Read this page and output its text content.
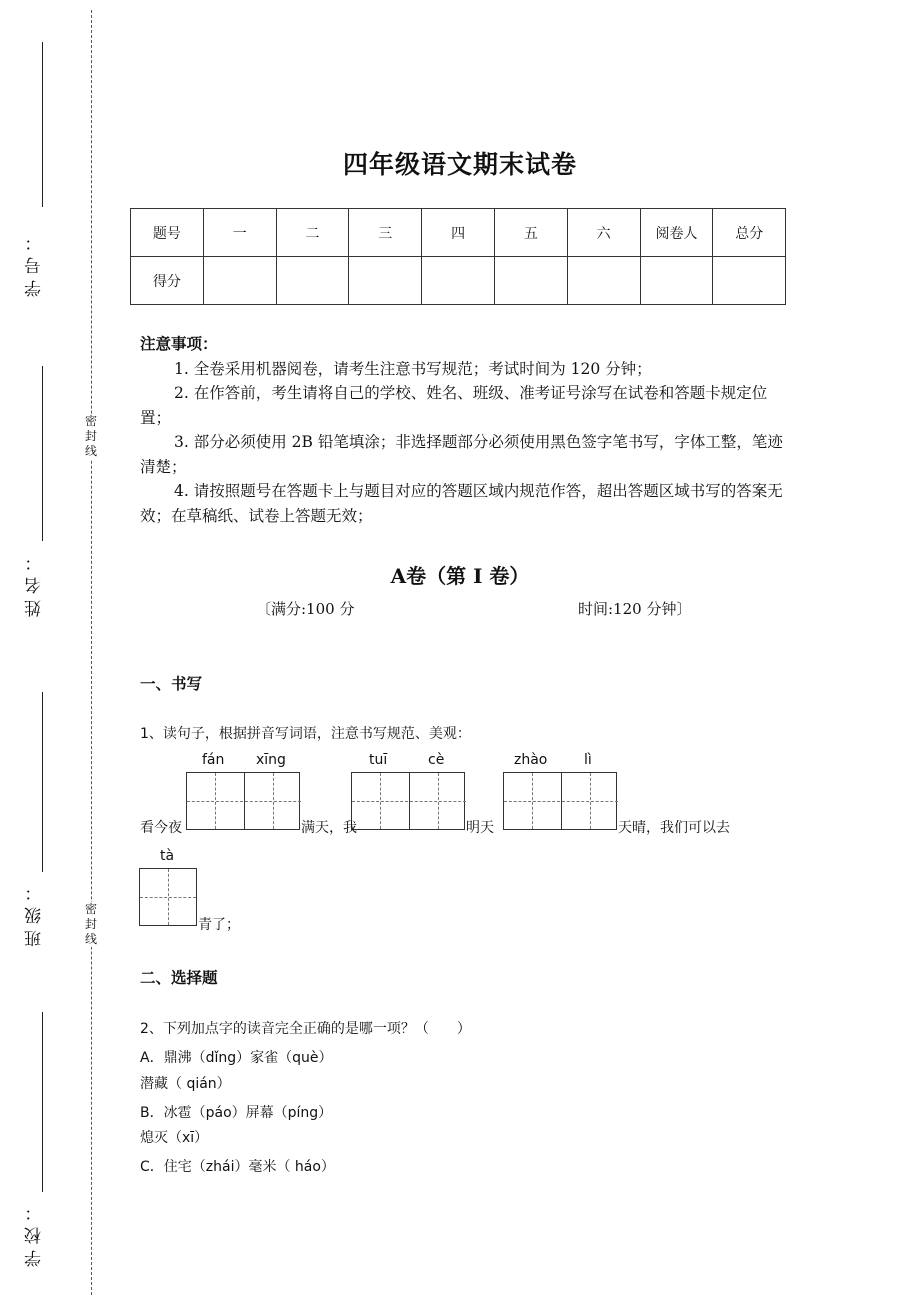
学号：
姓名：
班级：
学校：
密封线
密封线
四年级语文期末试卷
题号	一	二	三	四	五	六	阅卷人	总分
得分								
注意事项：

1. 全卷采用机器阅卷，请考生注意书写规范；考试时间为 120 分钟；

2. 在作答前，考生请将自己的学校、姓名、班级、准考证号涂写在试卷和答题卡规定位置；

3. 部分必须使用 2B 铅笔填涂；非选择题部分必须使用黑色签字笔书写，字体工整，笔迹清楚；

4. 请按照题号在答题卡上与题目对应的答题区域内规范作答，超出答题区域书写的答案无效；在草稿纸、试卷上答题无效；

A卷（第 I 卷）
〔满分:100 分	时间:120 分钟〕
一、书写
1、读句子，根据拼音写词语，注意书写规范、美观：
fán xīng	tuī	cè	zhào	lì
看今夜	满天，我	明天	天晴，我们可以去
tà
青了；
二、选择题
2、下列加点字的读音完全正确的是哪一项？（　　）
A．鼎沸（dǐng）家雀（què）
潜藏（ qián）
B．冰雹（páo）屏幕（píng）
熄灭（xī）
C．住宅（zhái）毫米（ háo）
